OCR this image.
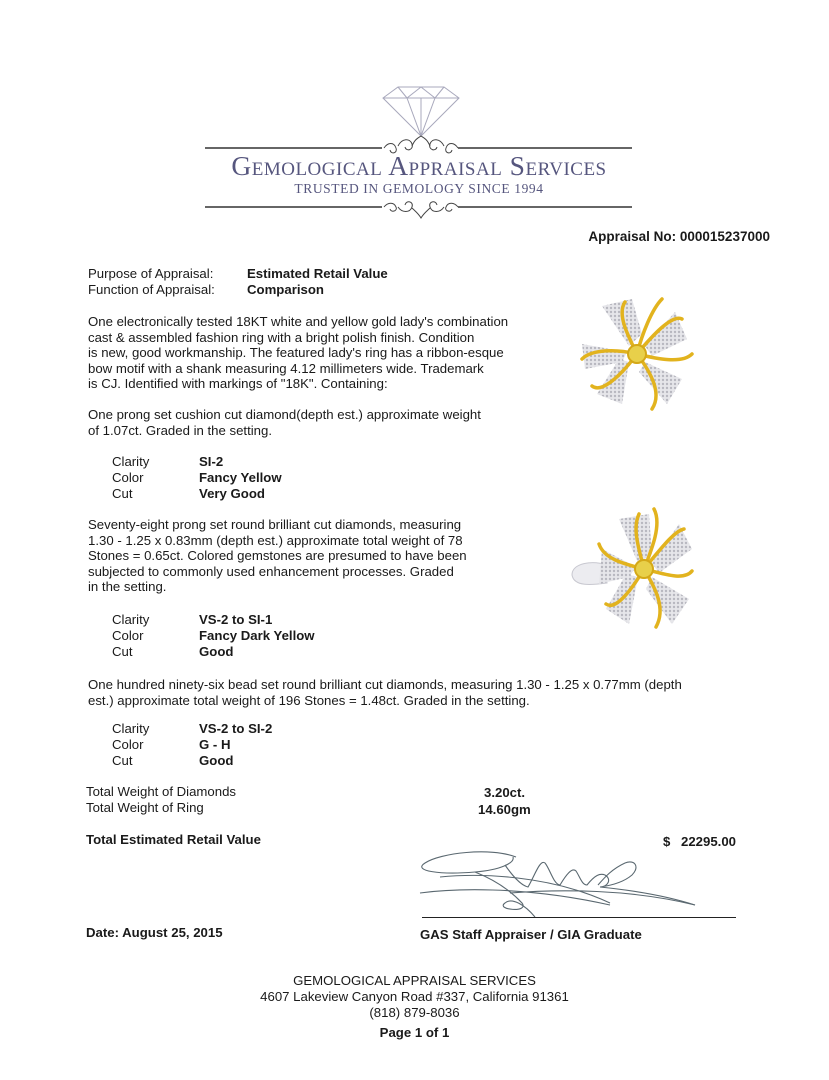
Gemological Appraisal Services
TRUSTED IN GEMOLOGY SINCE 1994
Appraisal No: 000015237000
Purpose of Appraisal:	Estimated Retail Value
Function of Appraisal: Comparison
One electronically tested 18KT white and yellow gold lady's combination
cast & assembled fashion ring with a bright polish finish. Condition
is new, good workmanship. The featured lady's ring has a ribbon-esque
bow motif with a shank measuring 4.12 millimeters wide. Trademark
is CJ. Identified with markings of "18K". Containing:
One prong set cushion cut diamond(depth est.) approximate weight
of 1.07ct. Graded in the setting.
Clarity	SI-2
Color	Fancy Yellow
Cut	Very Good
Seventy-eight prong set round brilliant cut diamonds, measuring
1.30 - 1.25 x 0.83mm (depth est.) approximate total weight of 78
Stones = 0.65ct. Colored gemstones are presumed to have been
subjected to commonly used enhancement processes. Graded
in the setting.
Clarity	VS-2 to SI-1
Color	Fancy Dark Yellow
Cut	Good
One hundred ninety-six bead set round brilliant cut diamonds, measuring 1.30 - 1.25 x 0.77mm (depth
est.) approximate total weight of 196 Stones = 1.48ct. Graded in the setting.
Clarity	VS-2 to SI-2
Color	G - H
Cut	Good
Total Weight of Diamonds	3.20ct.
Total Weight of Ring	14.60gm
Total Estimated Retail Value	$ 22295.00
GAS Staff Appraiser / GIA Graduate
Date: August 25, 2015
GEMOLOGICAL APPRAISAL SERVICES
4607 Lakeview Canyon Road #337, California 91361
(818) 879-8036
Page 1 of 1
